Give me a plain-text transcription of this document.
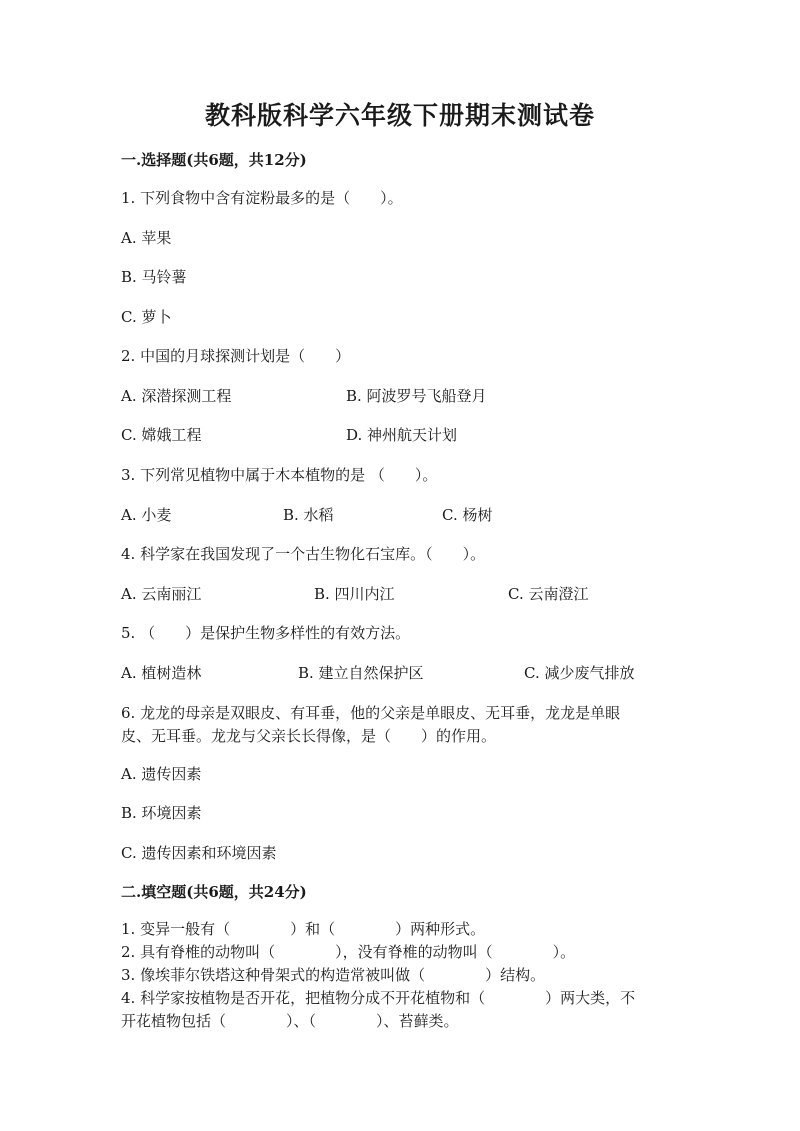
教科版科学六年级下册期末测试卷
一.选择题(共6题，共12分)
1. 下列食物中含有淀粉最多的是（　　）。
A. 苹果
B. 马铃薯
C. 萝卜
2. 中国的月球探测计划是（　　）
A. 深潜探测工程	B. 阿波罗号飞船登月
C. 嫦娥工程	D. 神州航天计划
3. 下列常见植物中属于木本植物的是 （　　）。
A. 小麦	B. 水稻	C. 杨树
4. 科学家在我国发现了一个古生物化石宝库。（　　）。
A. 云南丽江	B. 四川内江	C. 云南澄江
5. （　　）是保护生物多样性的有效方法。
A. 植树造林	B. 建立自然保护区	C. 减少废气排放
6. 龙龙的母亲是双眼皮、有耳垂，他的父亲是单眼皮、无耳垂，龙龙是单眼
皮、无耳垂。龙龙与父亲长长得像，是（　　）的作用。
A. 遗传因素
B. 环境因素
C. 遗传因素和环境因素
二.填空题(共6题，共24分)
1. 变异一般有（　　　　）和（　　　　）两种形式。
2. 具有脊椎的动物叫（　　　　），没有脊椎的动物叫（　　　　）。
3. 像埃菲尔铁塔这种骨架式的构造常被叫做（　　　　）结构。
4. 科学家按植物是否开花，把植物分成不开花植物和（　　　　）两大类，不
开花植物包括（　　　　）、（　　　　）、苔藓类。
